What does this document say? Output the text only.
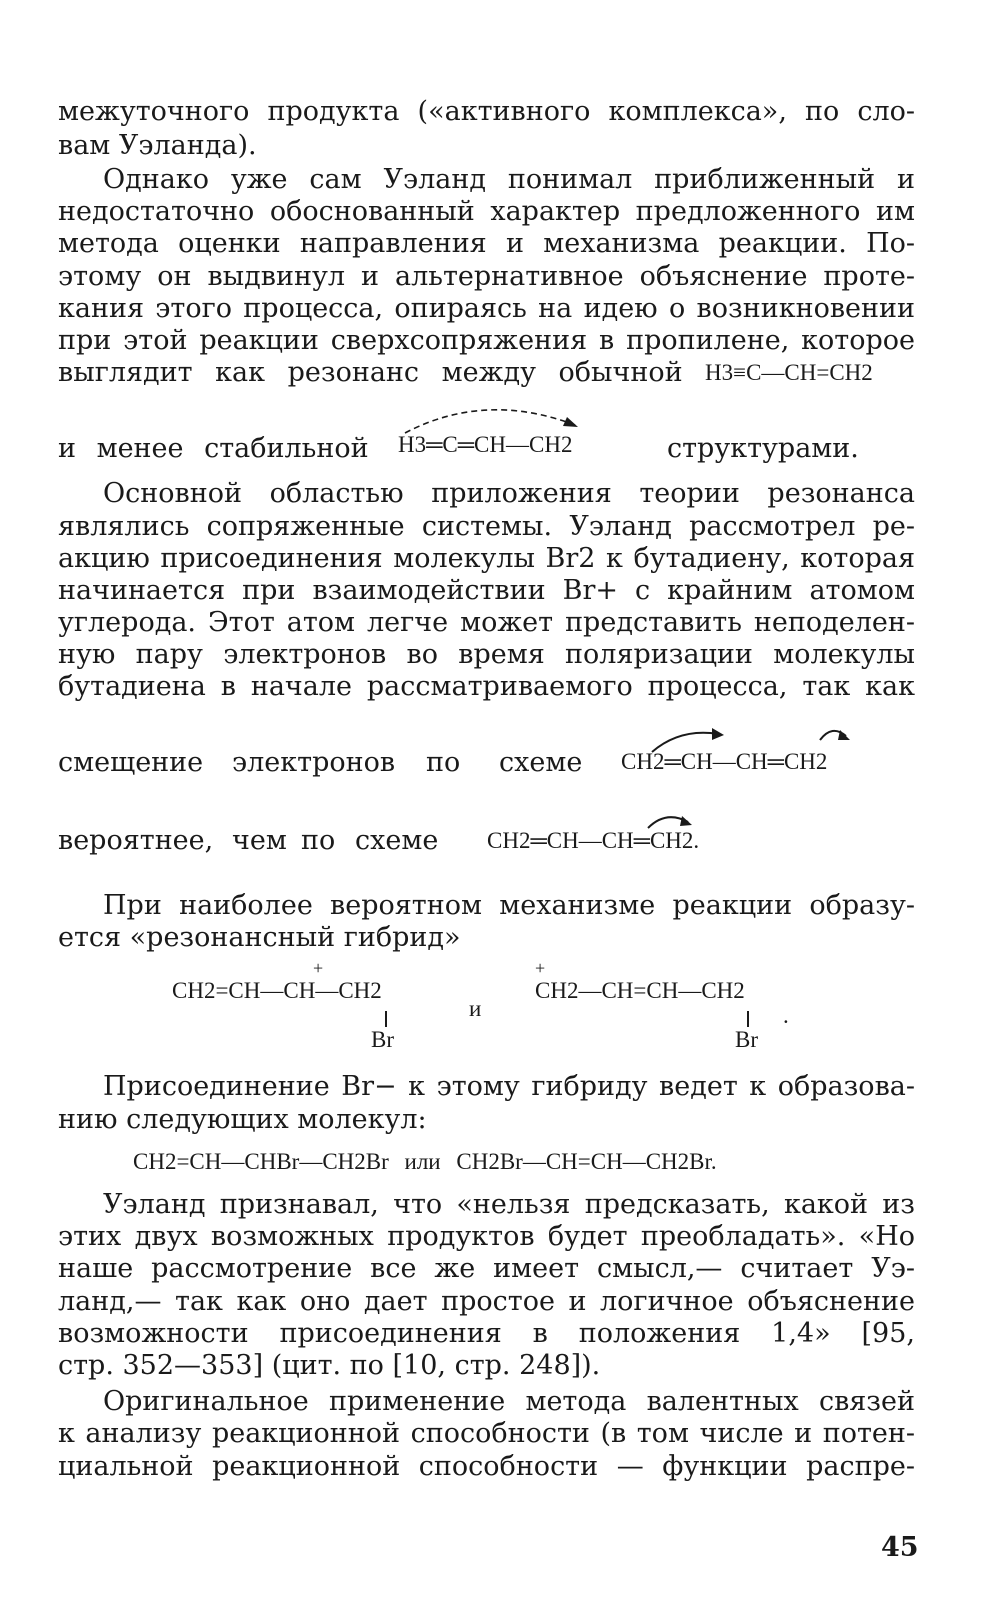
межуточного продукта («активного комплекса», по сло-
вам Уэланда).
Однако уже сам Уэланд понимал приближенный и
недостаточно обоснованный характер предложенного им
метода оценки направления и механизма реакции. По-
этому он выдвинул и альтернативное объяснение проте-
кания этого процесса, опираясь на идею о возникновении
при этой реакции сверхсопряжения в пропилене, которое
выглядит как резонанс между обычной H3≡C—CH=CH2
и менее стабильной H3═C═CH—CH2	структурами.
Основной областью приложения теории резонанса
являлись сопряженные системы. Уэланд рассмотрел ре-
акцию присоединения молекулы Br2 к бутадиену, которая
начинается при взаимодействии Br+ с крайним атомом
углерода. Этот атом легче может представить неподелен-
ную пару электронов во время поляризации молекулы
бутадиена в начале рассматриваемого процесса, так как
смещение электронов по схеме CH2═CH—CH═CH2
вероятнее, чем по схеме CH2═CH—CH═CH2.
При наиболее вероятном механизме реакции образу-
ется «резонансный гибрид»
+
CH2=CH—CH—CH2
Br
и
+
CH2—CH=CH—CH2
.
Br
Присоединение Br− к этому гибриду ведет к образова-
нию следующих молекул:
CH2=CH—CHBr—CH2Br или CH2Br—CH=CH—CH2Br.
Уэланд признавал, что «нельзя предсказать, какой из
этих двух возможных продуктов будет преобладать». «Но
наше рассмотрение все же имеет смысл,— считает Уэ-
ланд,— так как оно дает простое и логичное объяснение
возможности присоединения в положения 1,4» [95,
стр. 352—353] (цит. по [10, стр. 248]).
Оригинальное применение метода валентных связей
к анализу реакционной способности (в том числе и потен-
циальной реакционной способности — функции распре-
45
